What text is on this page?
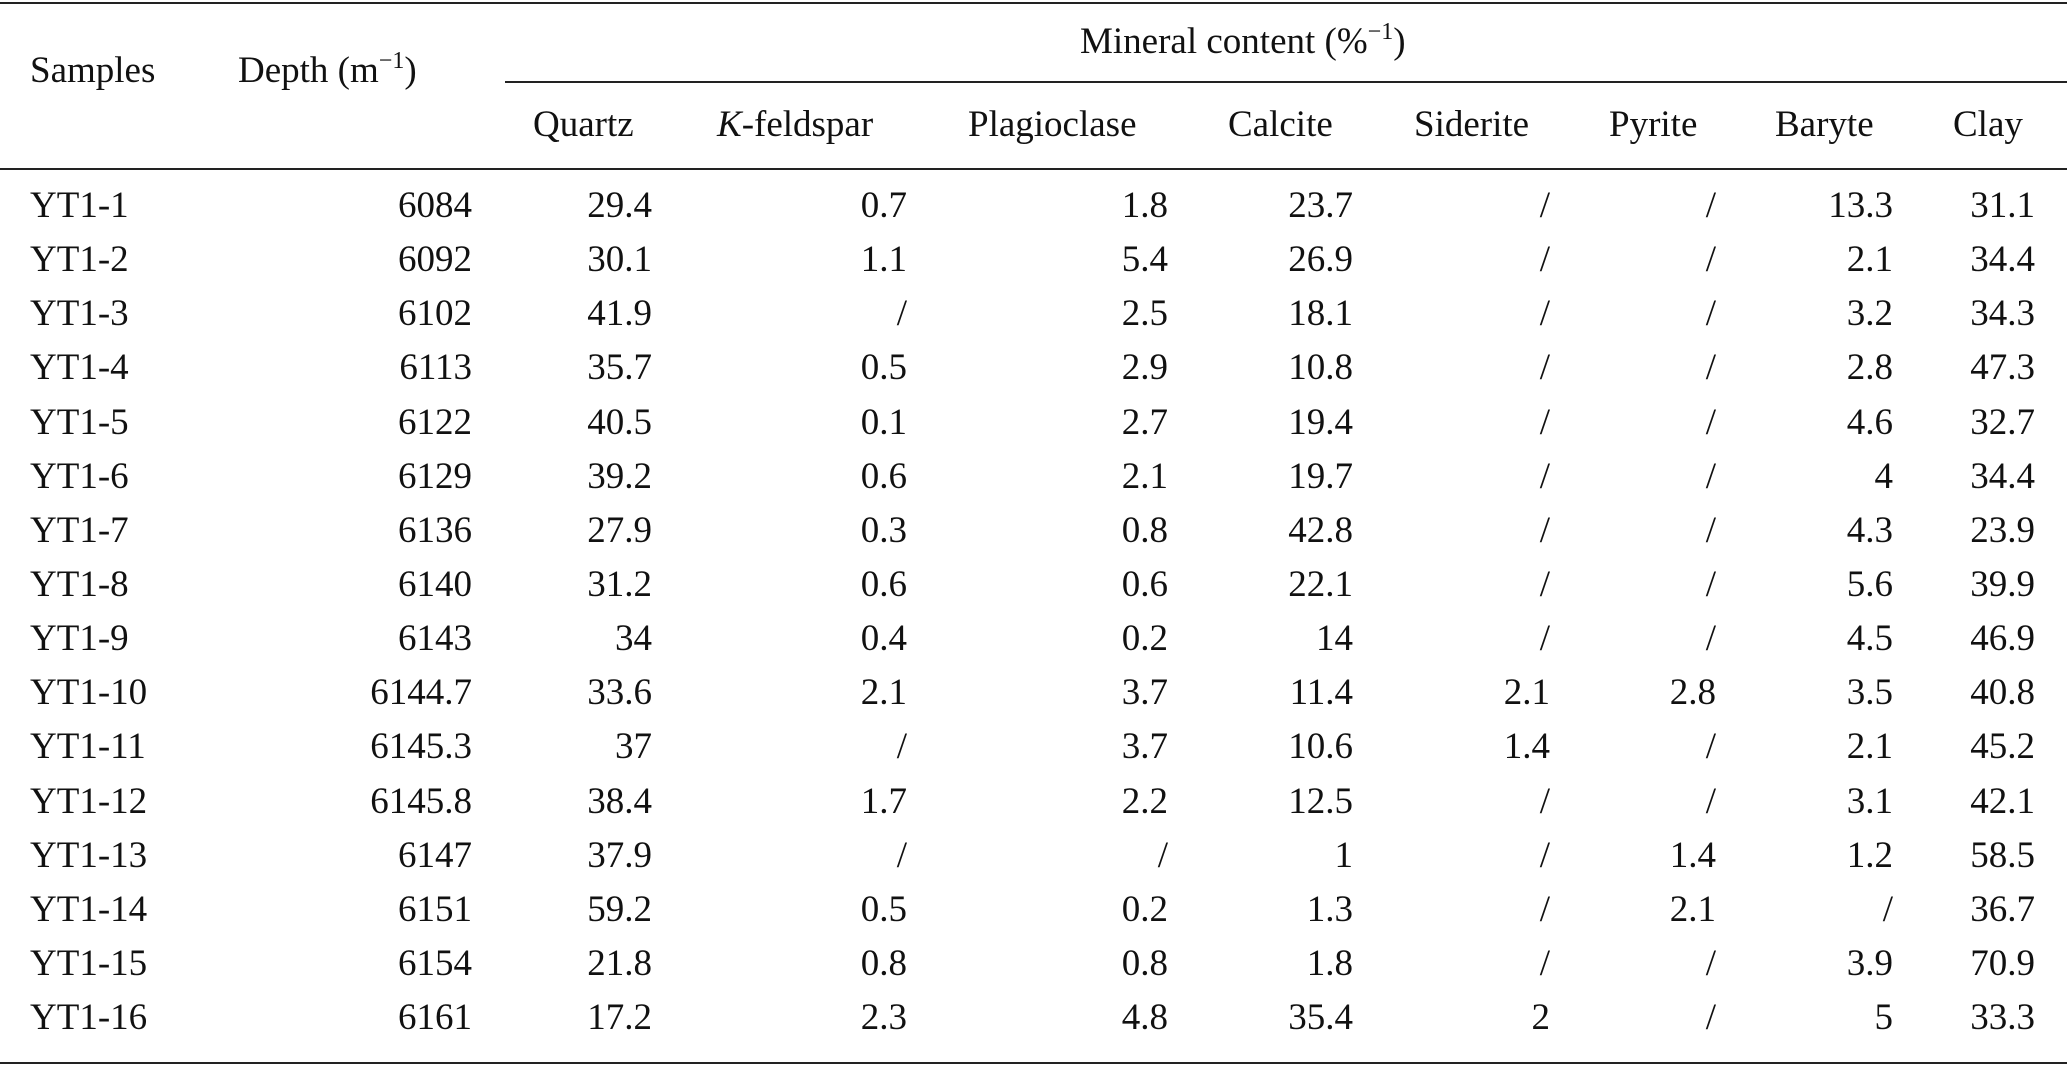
Samples Depth $(m^{-1})$
Mineral content (%$^{-1}$)
Quartz K-feldspar	Plagioclase Calcite Siderite Pyrite Baryte Clay
YT1-1	6084	29.4	0.7	1.8	23.7	/	/	13.3 31.1
YT1-2	6092	30.1	1.1	5.4	26.9	/	/	2.1 34.4
YT1-3	6102	41.9	/	2.5	18.1	/	/	3.2 34.3
YT1-4	6113	35.7	0.5	2.9	10.8	/	/	2.8 47.3
YT1-5	6122	40.5	0.1	2.7	19.4	/	/	4.6 32.7
YT1-6	6129	39.2	0.6	2.1	19.7	/	/	4 34.4
YT1-7	6136	27.9	0.3	0.8	42.8	/	/	4.3 23.9
YT1-8	6140	31.2	0.6	0.6	22.1	/	/	5.6 39.9
YT1-9	6143	34	0.4	0.2	14	/	/	4.5 46.9
YT1-10	6144.7	33.6	2.1	3.7	11.4	2.1	2.8	3.5 40.8
YT1-11	6145.3	37	/	3.7	10.6	1.4	/	2.1 45.2
YT1-12	6145.8	38.4	1.7	2.2	12.5	/	/	3.1 42.1
YT1-13	6147	37.9	/	/	1	/	1.4	1.2 58.5
YT1-14	6151	59.2	0.5	0.2	1.3	/	2.1	/ 36.7
YT1-15	6154	21.8	0.8	0.8	1.8	/	/	3.9 70.9
YT1-16	6161	17.2	2.3	4.8	35.4	2	/	5 33.3
